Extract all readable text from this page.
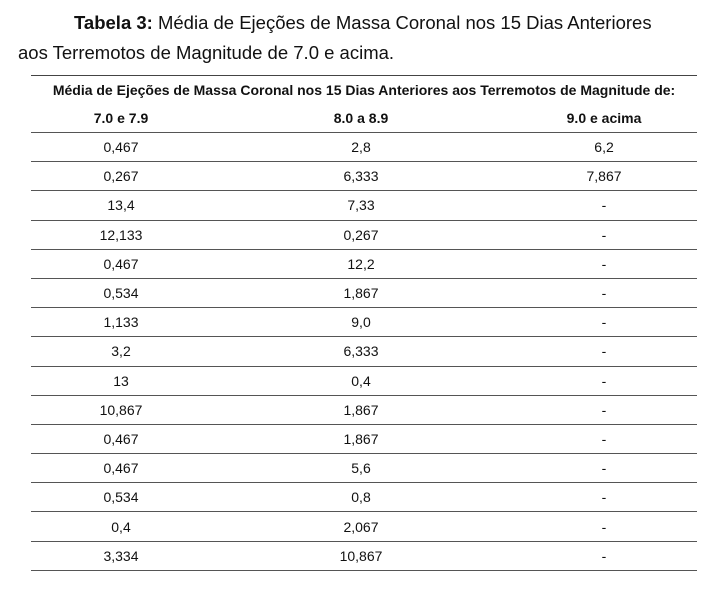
Tabela 3: Média de Ejeções de Massa Coronal nos 15 Dias Anteriores
aos Terremotos de Magnitude de 7.0 e acima.
Média de Ejeções de Massa Coronal nos 15 Dias Anteriores aos Terremotos de Magnitude de:		
7.0 e 7.9	8.0 a 8.9	9.0 e acima
0,467	2,8	6,2
0,267	6,333	7,867
13,4	7,33	-
12,133	0,267	-
0,467	12,2	-
0,534	1,867	-
1,133	9,0	-
3,2	6,333	-
13	0,4	-
10,867	1,867	-
0,467	1,867	-
0,467	5,6	-
0,534	0,8	-
0,4	2,067	-
3,334	10,867	-
